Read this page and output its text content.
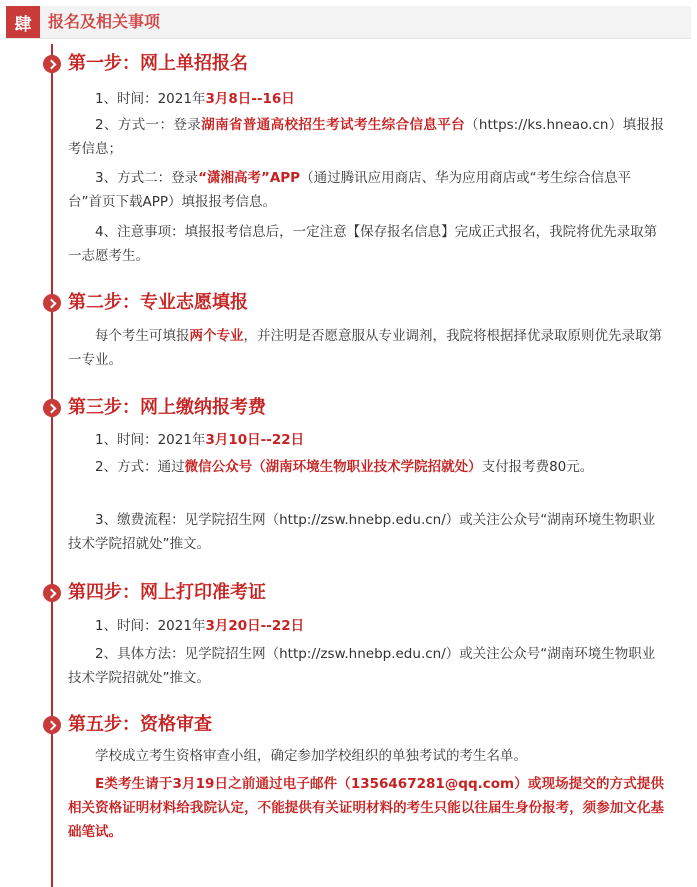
肆	报名及相关事项
第一步：网上单招报名
1、时间：2021年3月8日--16日
2、方式一：登录湖南省普通高校招生考试考生综合信息平台（https://ks.hneao.cn）填报报考信息；
3、方式二：登录“潇湘高考”APP（通过腾讯应用商店、华为应用商店或“考生综合信息平台”首页下载APP）填报报考信息。
4、注意事项：填报报考信息后，一定注意【保存报名信息】完成正式报名，我院将优先录取第一志愿考生。
第二步：专业志愿填报
每个考生可填报两个专业，并注明是否愿意服从专业调剂，我院将根据择优录取原则优先录取第一专业。
第三步：网上缴纳报考费
1、时间：2021年3月10日--22日
2、方式：通过微信公众号（湖南环境生物职业技术学院招就处）支付报考费80元。
3、缴费流程：见学院招生网（http://zsw.hnebp.edu.cn/）或关注公众号“湖南环境生物职业技术学院招就处”推文。
第四步：网上打印准考证
1、时间：2021年3月20日--22日
2、具体方法：见学院招生网（http://zsw.hnebp.edu.cn/）或关注公众号“湖南环境生物职业技术学院招就处”推文。
第五步：资格审查
学校成立考生资格审查小组，确定参加学校组织的单独考试的考生名单。
E类考生请于3月19日之前通过电子邮件（1356467281@qq.com）或现场提交的方式提供相关资格证明材料给我院认定，不能提供有关证明材料的考生只能以往届生身份报考，须参加文化基础笔试。
